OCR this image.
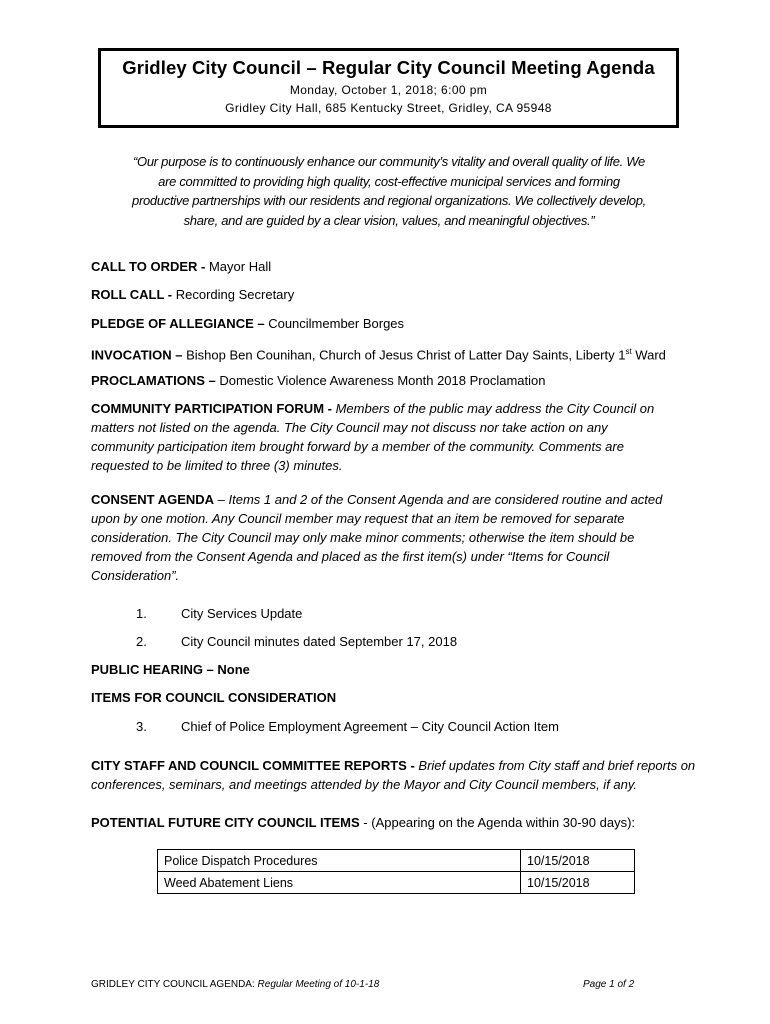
Gridley City Council – Regular City Council Meeting Agenda
Monday, October 1, 2018; 6:00 pm
Gridley City Hall, 685 Kentucky Street, Gridley, CA 95948
“Our purpose is to continuously enhance our community’s vitality and overall quality of life. We
are committed to providing high quality, cost-effective municipal services and forming
productive partnerships with our residents and regional organizations. We collectively develop,
share, and are guided by a clear vision, values, and meaningful objectives.”
CALL TO ORDER - Mayor Hall
ROLL CALL - Recording Secretary
PLEDGE OF ALLEGIANCE – Councilmember Borges
INVOCATION – Bishop Ben Counihan, Church of Jesus Christ of Latter Day Saints, Liberty 1st Ward
PROCLAMATIONS – Domestic Violence Awareness Month 2018 Proclamation
COMMUNITY PARTICIPATION FORUM - Members of the public may address the City Council on
matters not listed on the agenda. The City Council may not discuss nor take action on any
community participation item brought forward by a member of the community. Comments are
requested to be limited to three (3) minutes.
CONSENT AGENDA – Items 1 and 2 of the Consent Agenda and are considered routine and acted
upon by one motion. Any Council member may request that an item be removed for separate
consideration. The City Council may only make minor comments; otherwise the item should be
removed from the Consent Agenda and placed as the first item(s) under “Items for Council
Consideration”.
1.	City Services Update
2.	City Council minutes dated September 17, 2018
PUBLIC HEARING – None
ITEMS FOR COUNCIL CONSIDERATION
3.	Chief of Police Employment Agreement – City Council Action Item
CITY STAFF AND COUNCIL COMMITTEE REPORTS - Brief updates from City staff and brief reports on
conferences, seminars, and meetings attended by the Mayor and City Council members, if any.
POTENTIAL FUTURE CITY COUNCIL ITEMS - (Appearing on the Agenda within 30-90 days):
Police Dispatch Procedures	10/15/2018
Weed Abatement Liens	10/15/2018
GRIDLEY CITY COUNCIL AGENDA: Regular Meeting of 10-1-18	Page 1 of 2
